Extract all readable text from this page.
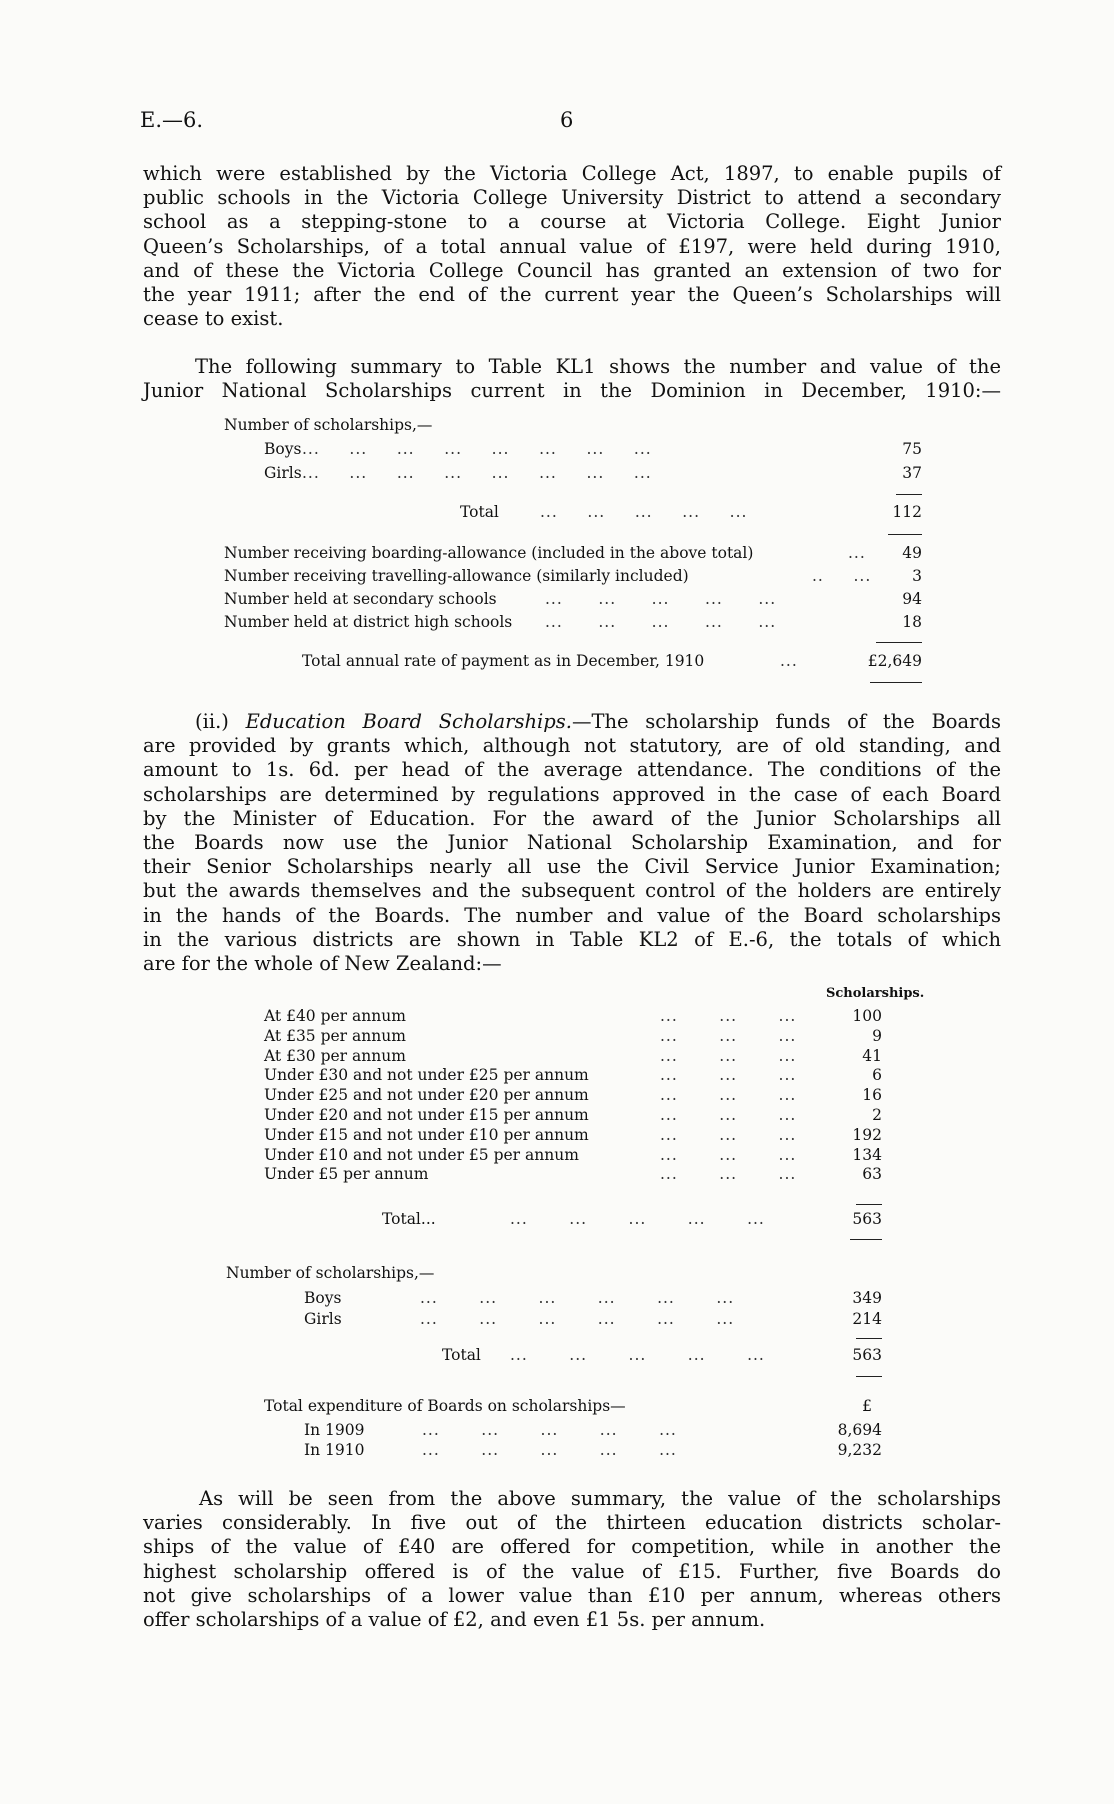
E.—6.	6
which were established by the Victoria College Act, 1897, to enable pupils of
public schools in the Victoria College University District to attend a secondary
school as a stepping-stone to a course at Victoria College. Eight Junior
Queen’s Scholarships, of a total annual value of £197, were held during 1910,
and of these the Victoria College Council has granted an extension of two for
the year 1911; after the end of the current year the Queen’s Scholarships will
cease to exist.
The following summary to Table KL1 shows the number and value of the
Junior National Scholarships current in the Dominion in December, 1910:—
Number of scholarships,—
Boys ...     ...     ...     ...     ...     ...     ...     ...	75
Girls ...     ...     ...     ...     ...     ...     ...     ...	37
Total	...     ...     ...     ...     ...	112
Number receiving boarding-allowance (included in the above total)	...	49
Number receiving travelling-allowance (similarly included)	..     ...	3
Number held at secondary schools	...      ...      ...      ...      ...	94
Number held at district high schools ...      ...      ...      ...      ...	18
Total annual rate of payment as in December, 1910	...	£2,649
(ii.) Education Board Scholarships.—The scholarship funds of the Boards
are provided by grants which, although not statutory, are of old standing, and
amount to 1s. 6d. per head of the average attendance. The conditions of the
scholarships are determined by regulations approved in the case of each Board
by the Minister of Education. For the award of the Junior Scholarships all
the Boards now use the Junior National Scholarship Examination, and for
their Senior Scholarships nearly all use the Civil Service Junior Examination;
but the awards themselves and the subsequent control of the holders are entirely
in the hands of the Boards. The number and value of the Board scholarships
in the various districts are shown in Table KL2 of E.-6, the totals of which
are for the whole of New Zealand:—
Scholarships.
At £40 per annum	...       ...       ...	100
At £35 per annum	...       ...       ...	9
At £30 per annum	...       ...       ...	41
Under £30 and not under £25 per annum	...       ...       ...	6
Under £25 and not under £20 per annum	...       ...       ...	16
Under £20 and not under £15 per annum	...       ...       ...	2
Under £15 and not under £10 per annum	...       ...       ...	192
Under £10 and not under £5 per annum	...       ...       ...	134
Under £5 per annum	...       ...       ...	63
Total...	...       ...       ...       ...       ...	563
Number of scholarships,—
Boys	...       ...       ...       ...       ...       ...	349
Girls	...       ...       ...       ...       ...       ...	214
Total ...       ...       ...       ...       ...	563
Total expenditure of Boards on scholarships—	£
In 1909	...       ...       ...       ...       ...	8,694
In 1910	...       ...       ...       ...       ...	9,232
As will be seen from the above summary, the value of the scholarships
varies considerably. In five out of the thirteen education districts scholar-
ships of the value of £40 are offered for competition, while in another the
highest scholarship offered is of the value of £15. Further, five Boards do
not give scholarships of a lower value than £10 per annum, whereas others
offer scholarships of a value of £2, and even £1 5s. per annum.
